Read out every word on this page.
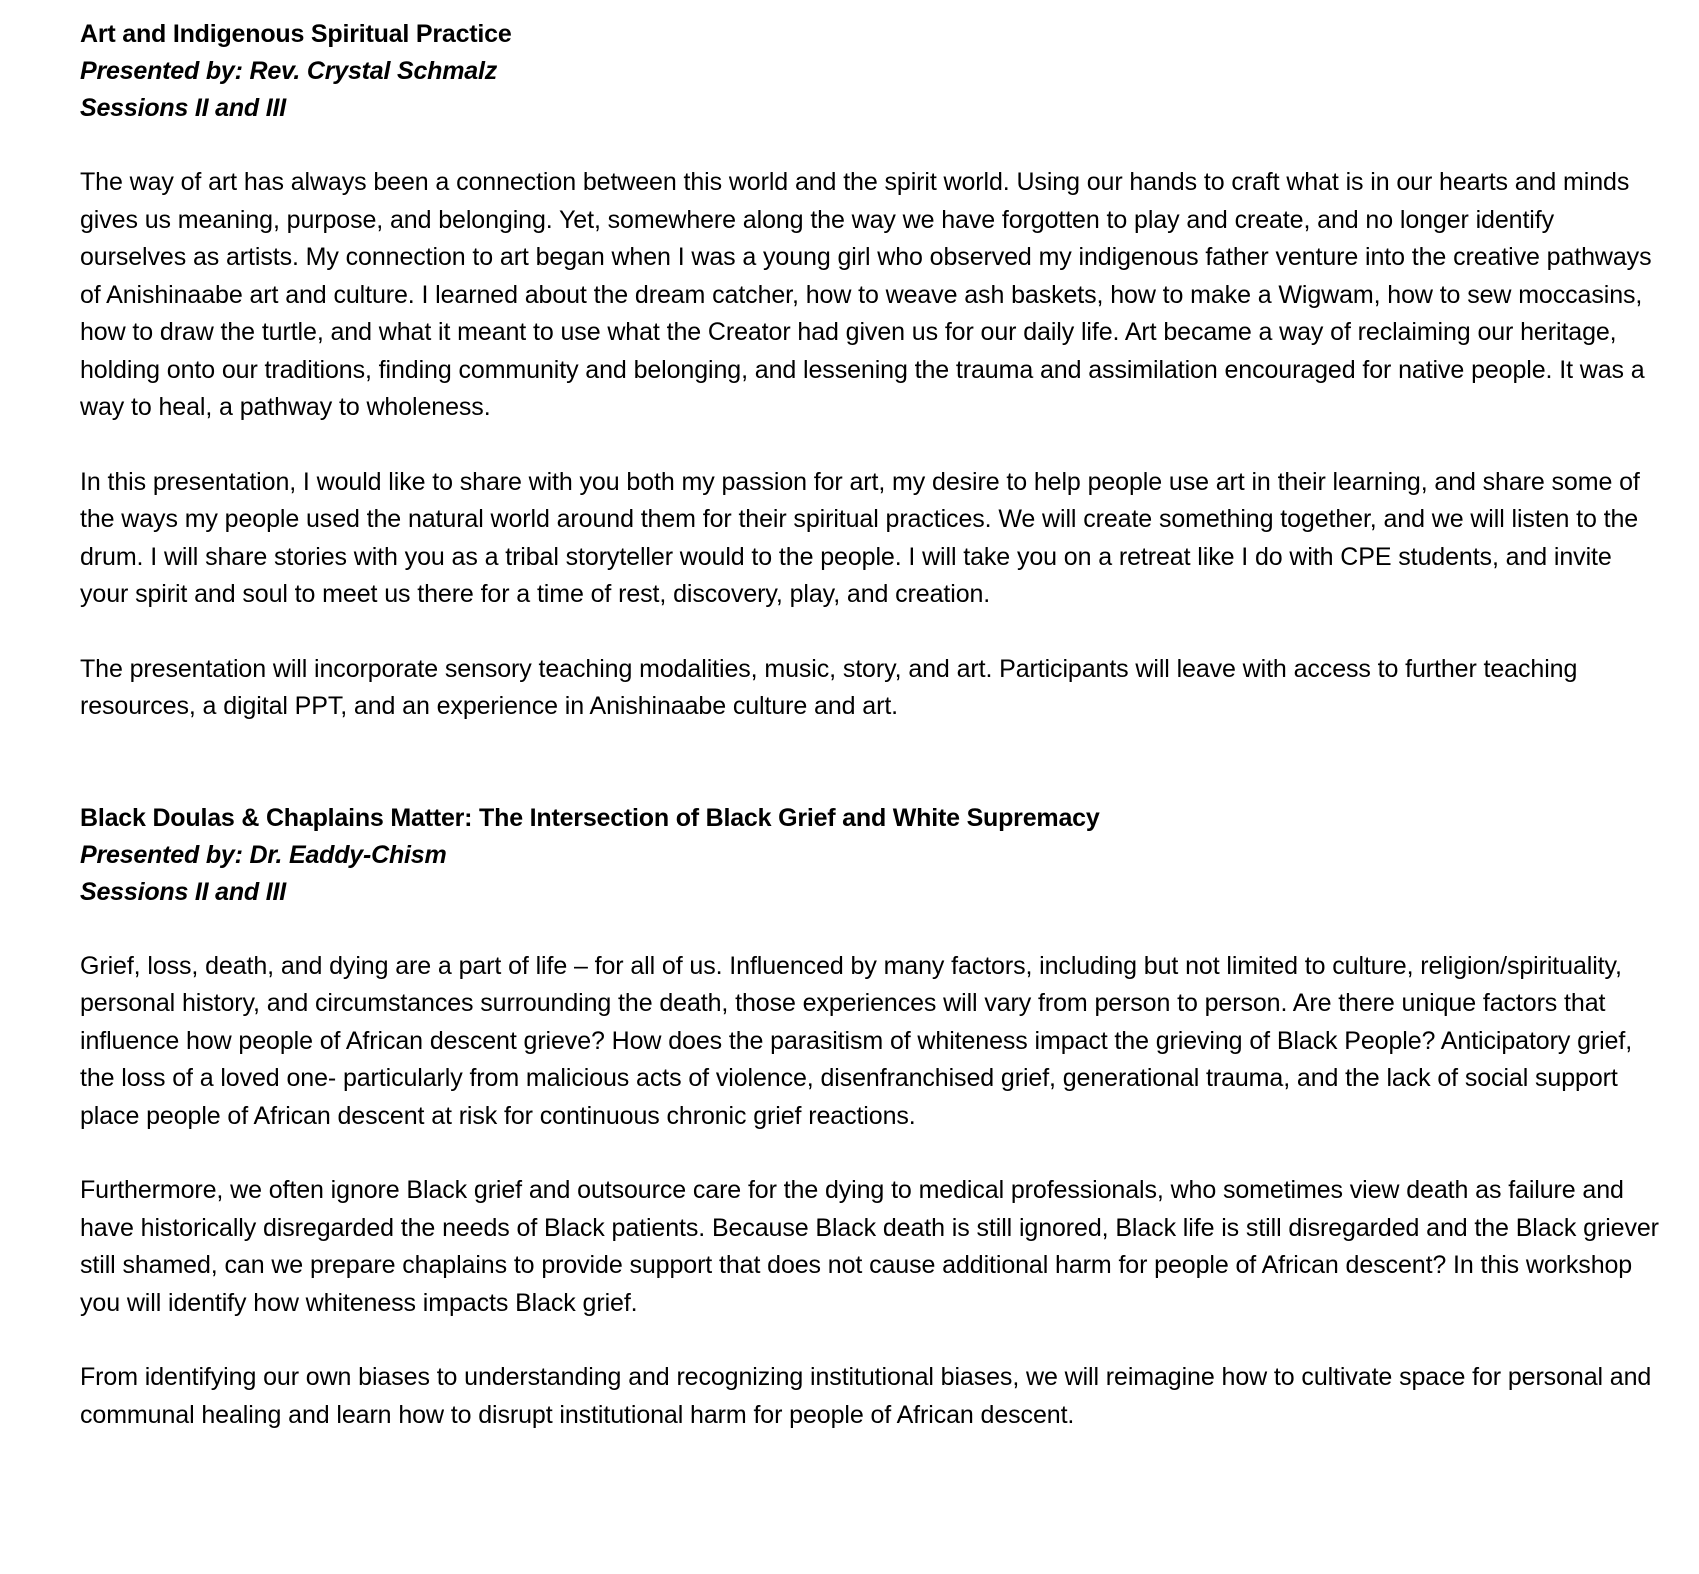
Art and Indigenous Spiritual Practice

Presented by: Rev. Crystal Schmalz

Sessions II and III

The way of art has always been a connection between this world and the spirit world. Using our hands to craft what is in our hearts and minds gives us meaning, purpose, and belonging. Yet, somewhere along the way we have forgotten to play and create, and no longer identify ourselves as artists. My connection to art began when I was a young girl who observed my indigenous father venture into the creative pathways of Anishinaabe art and culture. I learned about the dream catcher, how to weave ash baskets, how to make a Wigwam, how to sew moccasins, how to draw the turtle, and what it meant to use what the Creator had given us for our daily life. Art became a way of reclaiming our heritage, holding onto our traditions, finding community and belonging, and lessening the trauma and assimilation encouraged for native people. It was a way to heal, a pathway to wholeness.

In this presentation, I would like to share with you both my passion for art, my desire to help people use art in their learning, and share some of the ways my people used the natural world around them for their spiritual practices. We will create something together, and we will listen to the drum. I will share stories with you as a tribal storyteller would to the people. I will take you on a retreat like I do with CPE students, and invite your spirit and soul to meet us there for a time of rest, discovery, play, and creation.

The presentation will incorporate sensory teaching modalities, music, story, and art. Participants will leave with access to further teaching resources, a digital PPT, and an experience in Anishinaabe culture and art.

Black Doulas & Chaplains Matter: The Intersection of Black Grief and White Supremacy

Presented by: Dr. Eaddy-Chism

Sessions II and III

Grief, loss, death, and dying are a part of life – for all of us. Influenced by many factors, including but not limited to culture, religion/spirituality, personal history, and circumstances surrounding the death, those experiences will vary from person to person. Are there unique factors that influence how people of African descent grieve? How does the parasitism of whiteness impact the grieving of Black People? Anticipatory grief, the loss of a loved one- particularly from malicious acts of violence, disenfranchised grief, generational trauma, and the lack of social support place people of African descent at risk for continuous chronic grief reactions.

Furthermore, we often ignore Black grief and outsource care for the dying to medical professionals, who sometimes view death as failure and have historically disregarded the needs of Black patients. Because Black death is still ignored, Black life is still disregarded and the Black griever still shamed, can we prepare chaplains to provide support that does not cause additional harm for people of African descent? In this workshop you will identify how whiteness impacts Black grief.

From identifying our own biases to understanding and recognizing institutional biases, we will reimagine how to cultivate space for personal and communal healing and learn how to disrupt institutional harm for people of African descent.
